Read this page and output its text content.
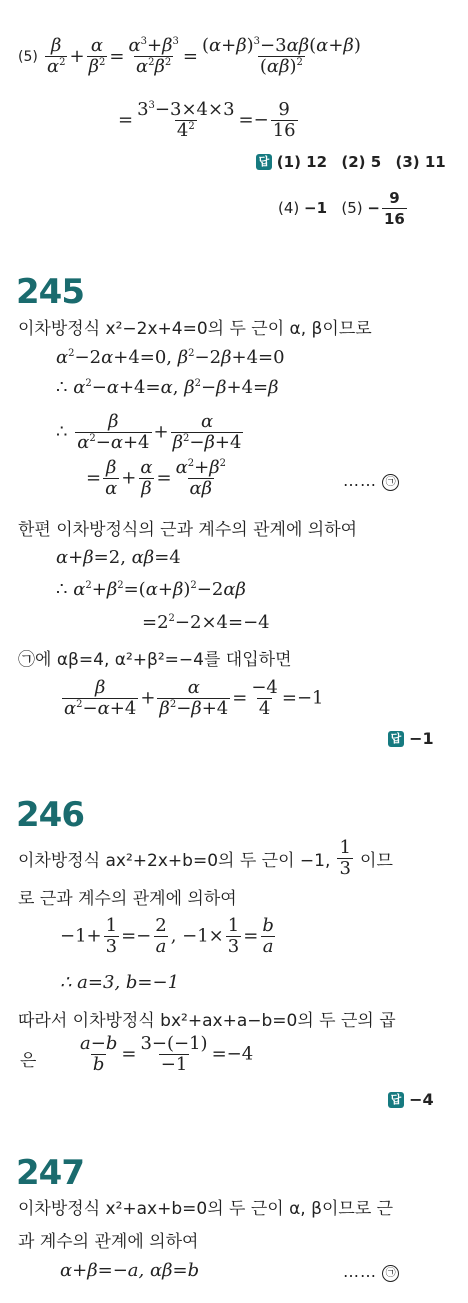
$(5) \frac{\beta}{\alpha^2} + \frac{\alpha}{\beta^2} = \frac{\alpha^3+\beta^3}{\alpha^2\beta^2} = \frac{(\alpha+\beta)^3-3\alpha\beta(\alpha+\beta)}{(\alpha\beta)^2}$
= $\frac{3^3-3\times 4\times 3}{4^2} =- \frac{9}{16}$
답 (1) 12 (2) 5 (3) 11
(4) −1 $(5) - \frac{9}{16}$
245
이차방정식 x²−2x+4=0의 두 근이 α, β이므로
$\alpha^2-2\alpha+4=0$, $\beta^2-2\beta+4=0$
∴ $\alpha^2-\alpha+4=\alpha$, $\beta^2-\beta+4=\beta$
∴ $\frac{\beta}{\alpha^2-\alpha+4} + \frac{\alpha}{\beta^2-\beta+4}$
= $\frac{\beta}{\alpha} + \frac{\alpha}{\beta} = \frac{\alpha^2+\beta^2}{\alpha\beta}$	…… ㉠
한편 이차방정식의 근과 계수의 관계에 의하여
α+β=2, αβ=4
∴ $\alpha^2+\beta^2=(\alpha+\beta)^2-2\alpha\beta$
$=2^2-2\times 4=-4$
㉠에 αβ=4, α²+β²=−4를 대입하면
$\frac{\beta}{\alpha^2-\alpha+4} + \frac{\alpha}{\beta^2-\beta+4} = \frac{-4}{4} =-1$
답 −1
246
이차방정식 ax²+2x+b=0의 두 근이 −1, $\frac{1}{3}$ 이므
로 근과 계수의 관계에 의하여
$-1+ \frac{1}{3} =- \frac{2}{a}$ , $-1\times \frac{1}{3} = \frac{b}{a}$
∴ a=3, b=−1
따라서 이차방정식 bx²+ax+a−b=0의 두 근의 곱
은 $\frac{a-b}{b} = \frac{3-(-1)}{-1} =-4$
답 −4
247
이차방정식 x²+ax+b=0의 두 근이 α, β이므로 근
과 계수의 관계에 의하여
α+β=−a, αβ=b	…… ㉠
